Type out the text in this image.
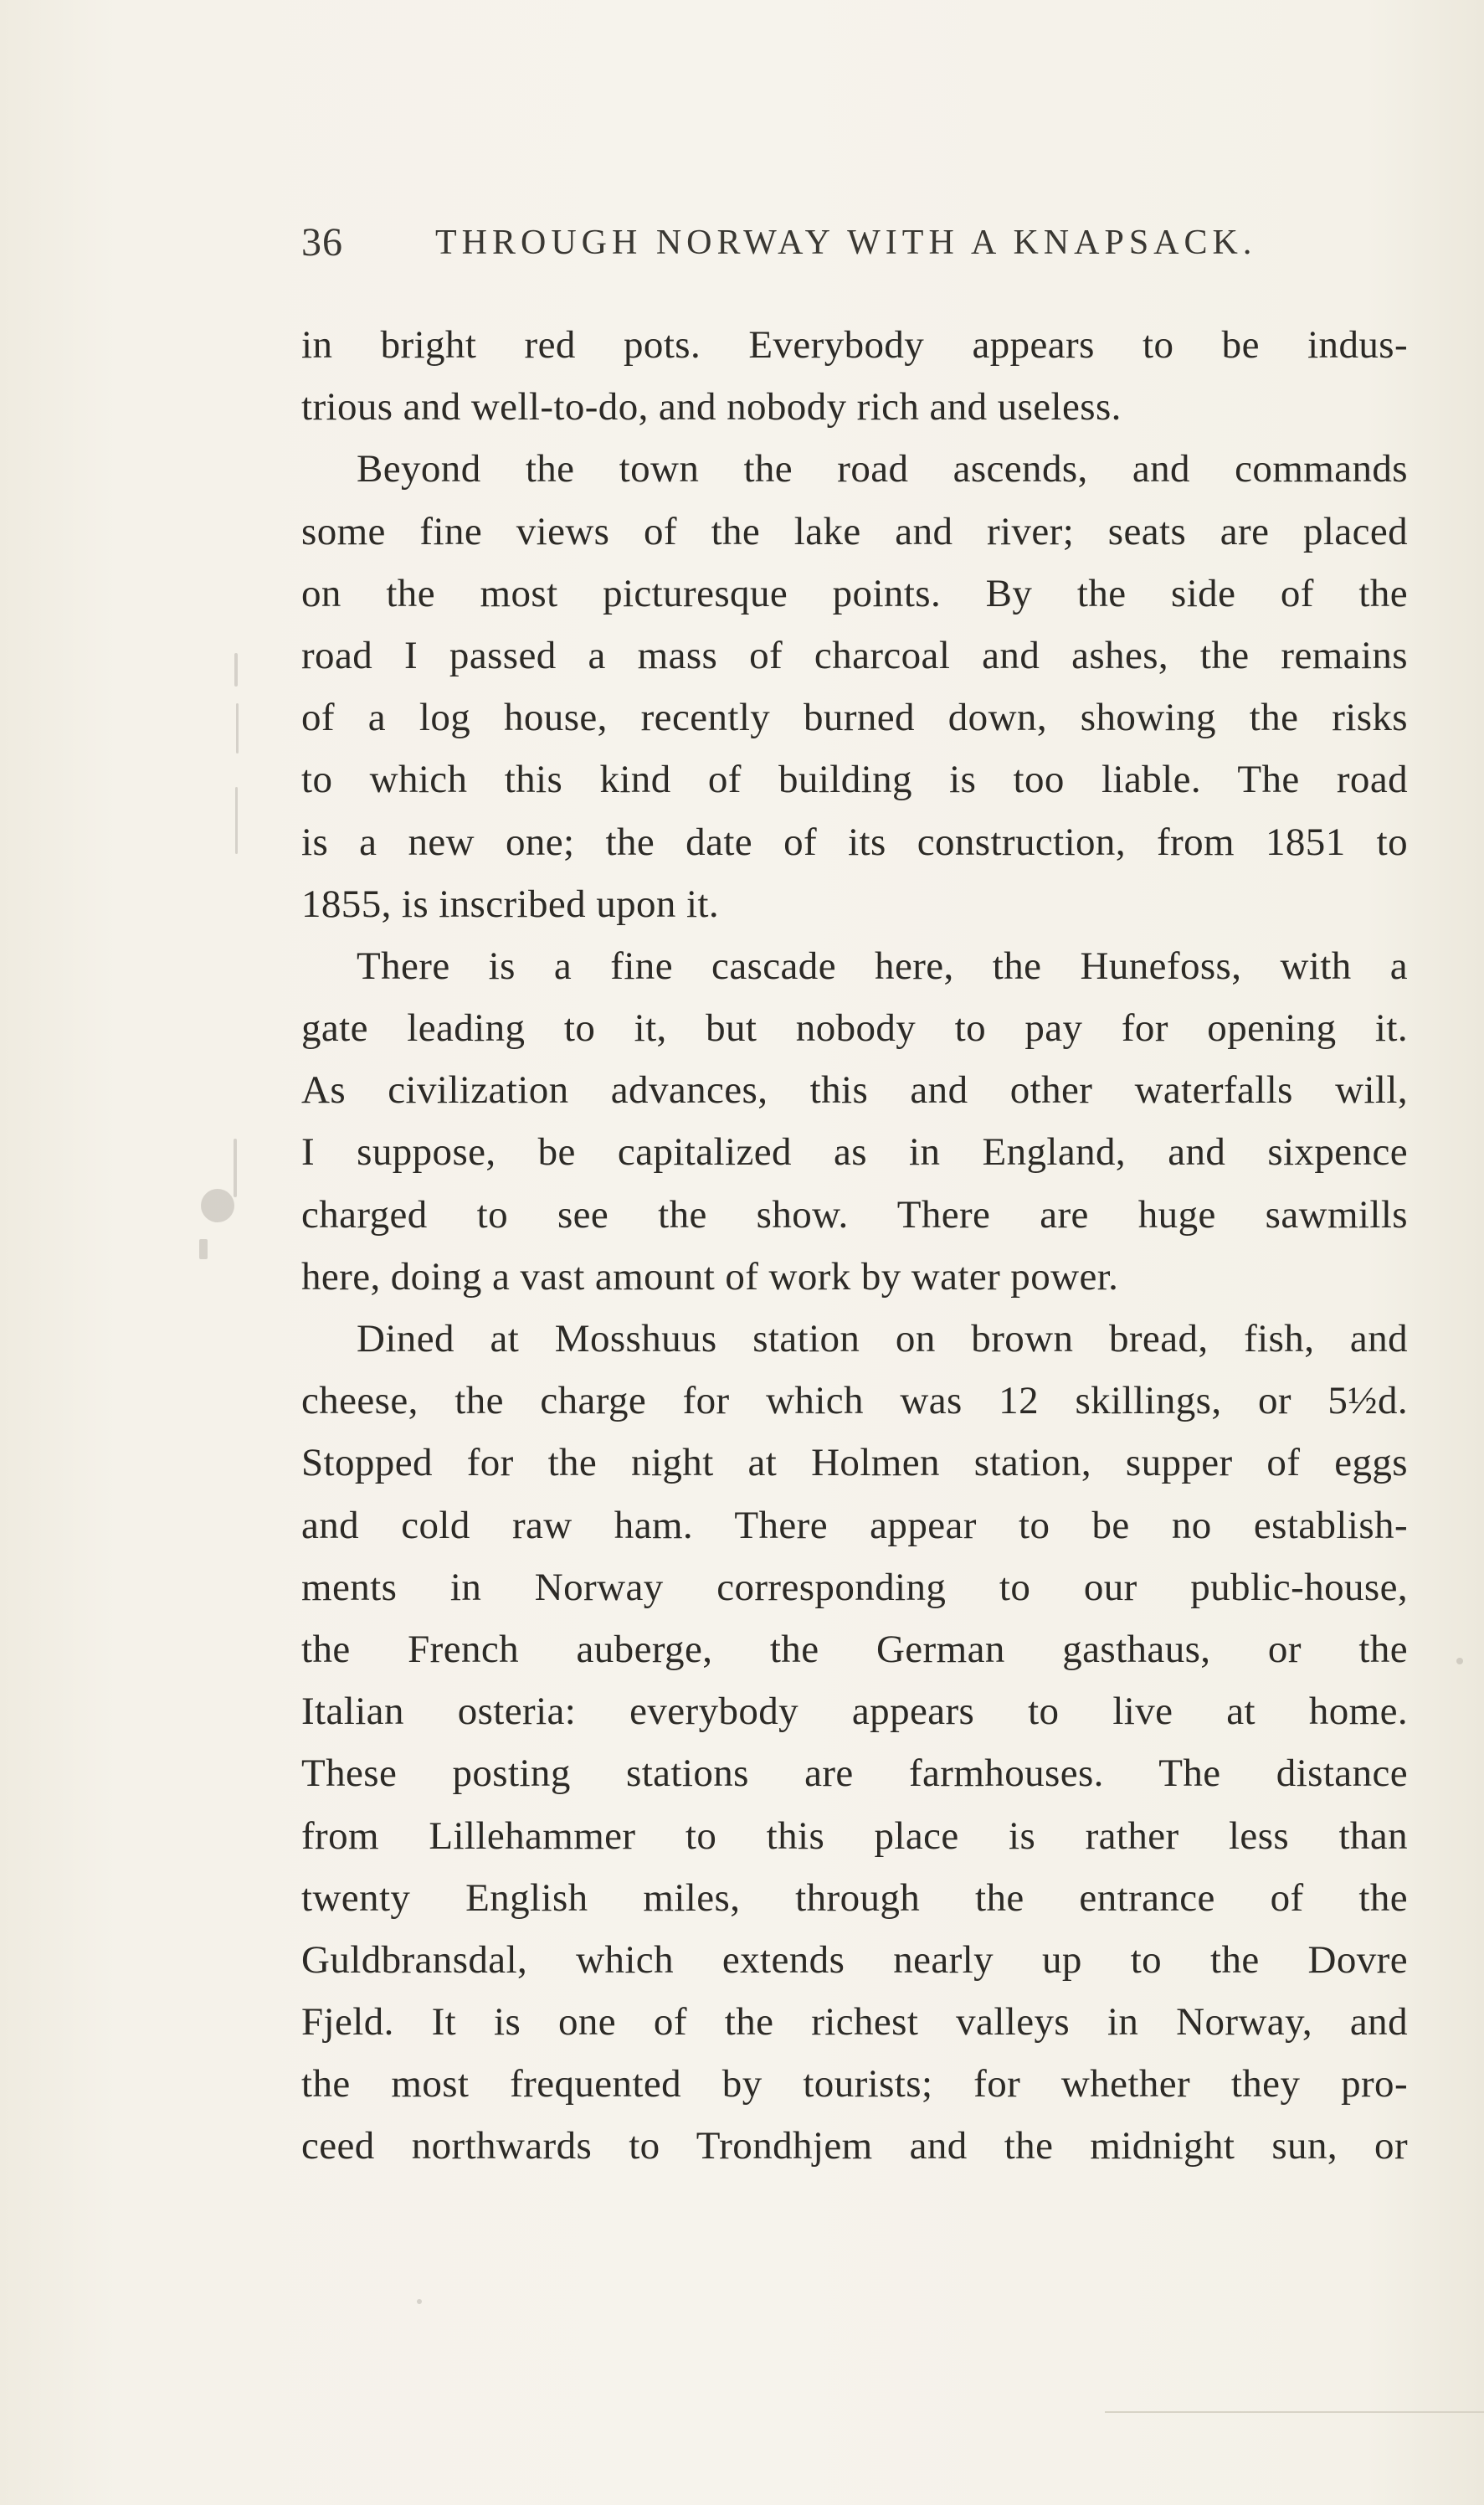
36	THROUGH NORWAY WITH A KNAPSACK.
in bright red pots. Everybody appears to be indus-
trious and well-to-do, and nobody rich and useless.
Beyond the town the road ascends, and commands
some fine views of the lake and river; seats are placed
on the most picturesque points. By the side of the
road I passed a mass of charcoal and ashes, the remains
of a log house, recently burned down, showing the risks
to which this kind of building is too liable. The road
is a new one; the date of its construction, from 1851 to
1855, is inscribed upon it.
There is a fine cascade here, the Hunefoss, with a
gate leading to it, but nobody to pay for opening it.
As civilization advances, this and other waterfalls will,
I suppose, be capitalized as in England, and sixpence
charged to see the show. There are huge sawmills
here, doing a vast amount of work by water power.
Dined at Mosshuus station on brown bread, fish, and
cheese, the charge for which was 12 skillings, or 5½d.
Stopped for the night at Holmen station, supper of eggs
and cold raw ham. There appear to be no establish-
ments in Norway corresponding to our public-house,
the French auberge, the German gasthaus, or the
Italian osteria: everybody appears to live at home.
These posting stations are farmhouses. The distance
from Lillehammer to this place is rather less than
twenty English miles, through the entrance of the
Guldbransdal, which extends nearly up to the Dovre
Fjeld. It is one of the richest valleys in Norway, and
the most frequented by tourists; for whether they pro-
ceed northwards to Trondhjem and the midnight sun, or
